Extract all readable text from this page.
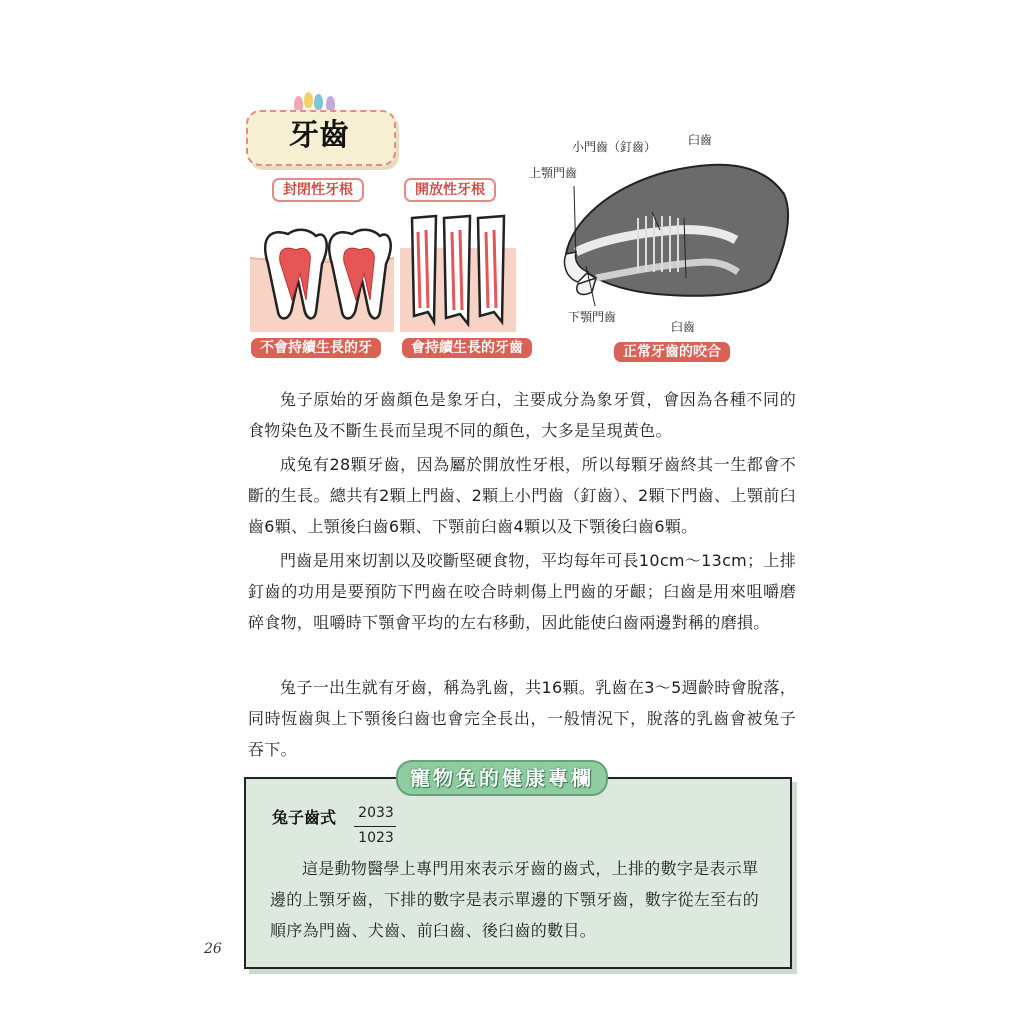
牙齒
封閉性牙根
不會持續生長的牙
開放性牙根
會持續生長的牙齒
小門齒（釘齒）	臼齒
上顎門齒
下顎門齒
臼齒
正常牙齒的咬合
兔子原始的牙齒顏色是象牙白，主要成分為象牙質，會因為各種不同的食物染色及不斷生長而呈現不同的顏色，大多是呈現黃色。
成兔有28顆牙齒，因為屬於開放性牙根，所以每顆牙齒終其一生都會不斷的生長。總共有2顆上門齒、2顆上小門齒（釘齒）、2顆下門齒、上顎前臼齒6顆、上顎後臼齒6顆、下顎前臼齒4顆以及下顎後臼齒6顆。
門齒是用來切割以及咬斷堅硬食物，平均每年可長10cm～13cm；上排釘齒的功用是要預防下門齒在咬合時刺傷上門齒的牙齦；臼齒是用來咀嚼磨碎食物，咀嚼時下顎會平均的左右移動，因此能使臼齒兩邊對稱的磨損。
兔子一出生就有牙齒，稱為乳齒，共16顆。乳齒在3～5週齡時會脫落，同時恆齒與上下顎後臼齒也會完全長出，一般情況下，脫落的乳齒會被兔子吞下。
寵物兔的健康專欄
兔子齒式 2033
1023
這是動物醫學上專門用來表示牙齒的齒式，上排的數字是表示單邊的上顎牙齒，下排的數字是表示單邊的下顎牙齒，數字從左至右的順序為門齒、犬齒、前臼齒、後臼齒的數目。
26
